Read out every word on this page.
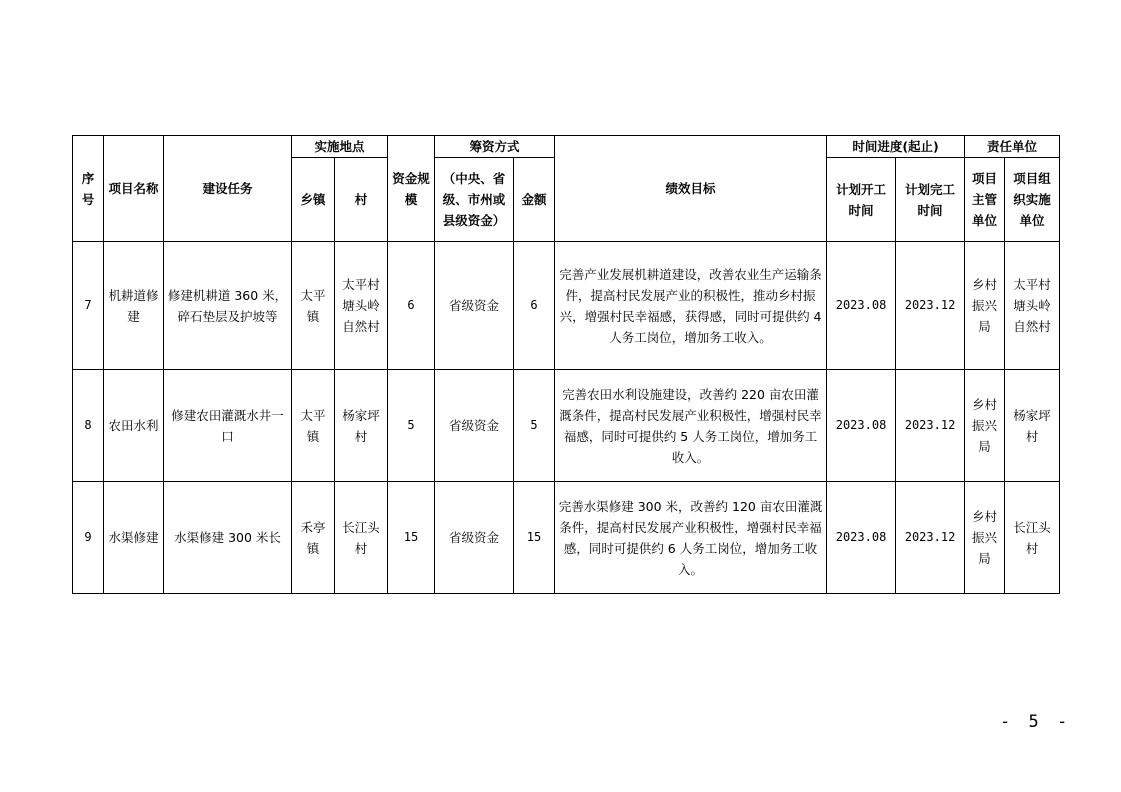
序号	项目名称	建设任务	实施地点		资金规模	筹资方式		绩效目标	时间进度(起止)		责任单位	
			乡镇	村		（中央、省级、市州或县级资金）	金额		计划开工时间	计划完工时间	项目主管单位	项目组织实施单位
7	机耕道修建	修建机耕道 360 米，碎石垫层及护坡等	太平镇	太平村塘头岭自然村	6	省级资金	6	完善产业发展机耕道建设，改善农业生产运输条件，提高村民发展产业的积极性，推动乡村振兴，增强村民幸福感，获得感，同时可提供约 4 人务工岗位，增加务工收入。	2023.08	2023.12	乡村振兴局	太平村塘头岭自然村
8	农田水利	修建农田灌溉水井一口	太平镇	杨家坪村	5	省级资金	5	完善农田水利设施建设，改善约 220 亩农田灌溉条件，提高村民发展产业积极性，增强村民幸福感，同时可提供约 5 人务工岗位，增加务工收入。	2023.08	2023.12	乡村振兴局	杨家坪村
9	水渠修建	水渠修建 300 米长	禾亭镇	长江头村	15	省级资金	15	完善水渠修建 300 米，改善约 120 亩农田灌溉条件，提高村民发展产业积极性，增强村民幸福感，同时可提供约 6 人务工岗位，增加务工收入。	2023.08	2023.12	乡村振兴局	长江头村
- 5 -
